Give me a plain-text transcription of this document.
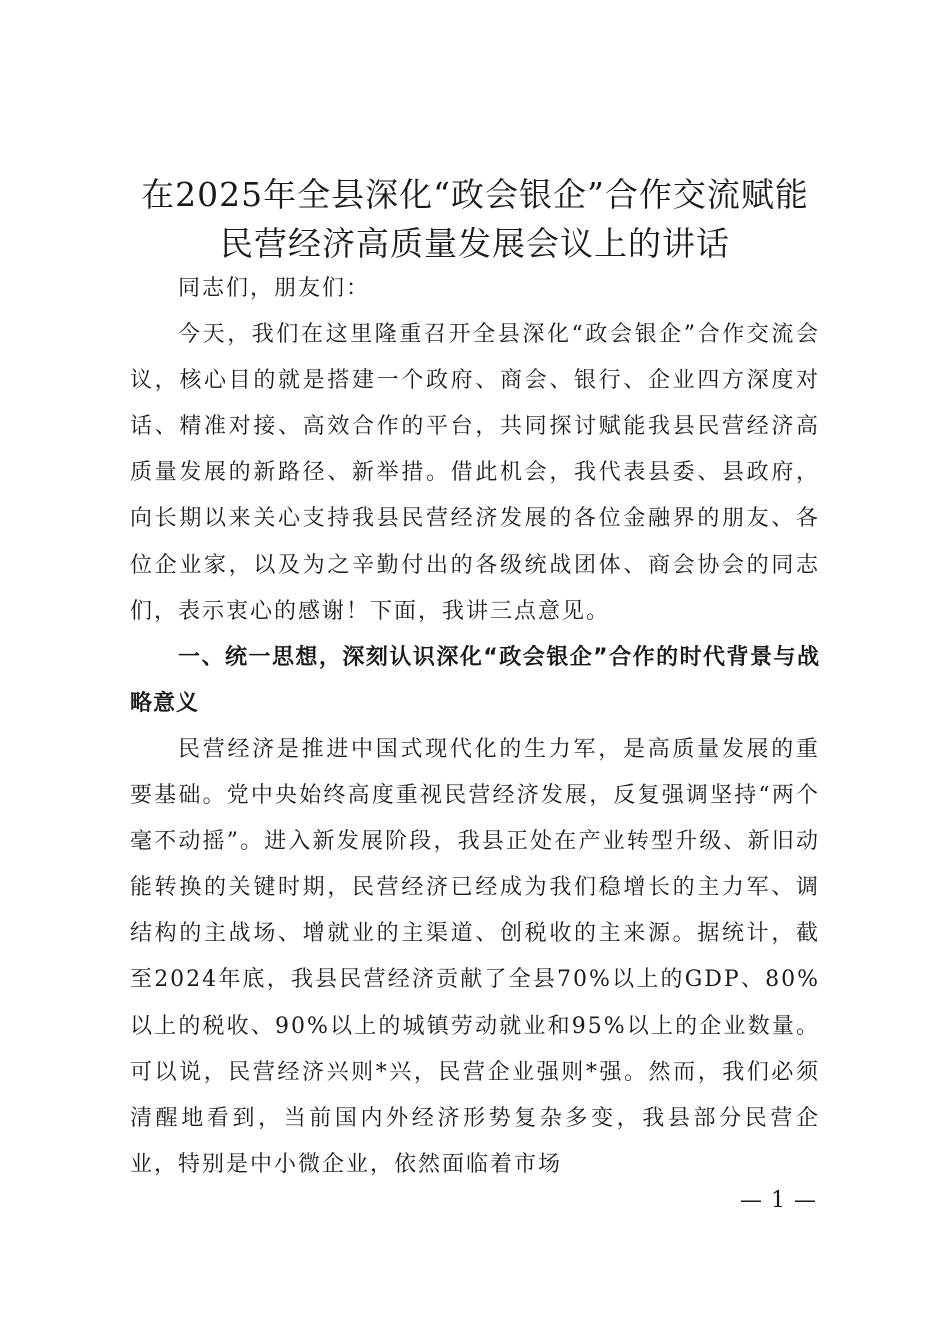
在2025年全县深化“政会银企”合作交流赋能民营经济高质量发展会议上的讲话

同志们，朋友们：

今天，我们在这里隆重召开全县深化“政会银企”合作交流会议，核心目的就是搭建一个政府、商会、银行、企业四方深度对话、精准对接、高效合作的平台，共同探讨赋能我县民营经济高质量发展的新路径、新举措。借此机会，我代表县委、县政府，向长期以来关心支持我县民营经济发展的各位金融界的朋友、各位企业家，以及为之辛勤付出的各级统战团体、商会协会的同志们，表示衷心的感谢！下面，我讲三点意见。

一、统一思想，深刻认识深化“政会银企”合作的时代背景与战略意义

民营经济是推进中国式现代化的生力军，是高质量发展的重要基础。党中央始终高度重视民营经济发展，反复强调坚持“两个毫不动摇”。进入新发展阶段，我县正处在产业转型升级、新旧动能转换的关键时期，民营经济已经成为我们稳增长的主力军、调结构的主战场、增就业的主渠道、创税收的主来源。据统计，截至2024年底，我县民营经济贡献了全县70%以上的GDP、80%以上的税收、90%以上的城镇劳动就业和95%以上的企业数量。可以说，民营经济兴则*兴，民营企业强则*强。然而，我们必须清醒地看到，当前国内外经济形势复杂多变，我县部分民营企业，特别是中小微企业，依然面临着市场

— 1 —
